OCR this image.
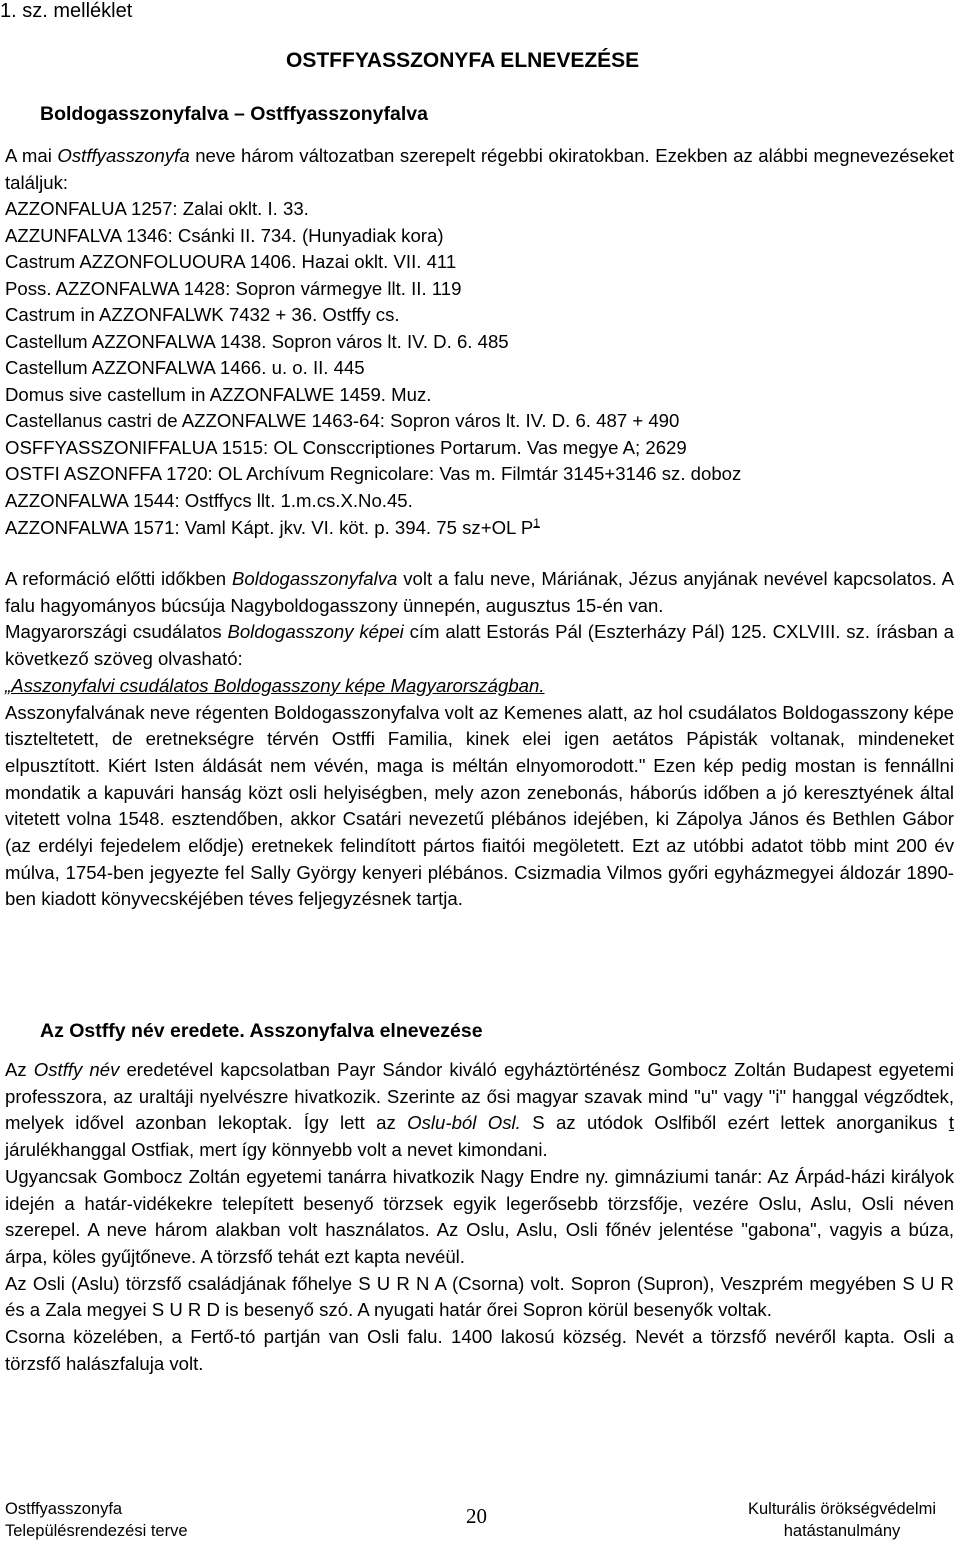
1. sz. melléklet
OSTFFYASSZONYFA ELNEVEZÉSE
Boldogasszonyfalva – Ostffyasszonyfalva

A mai Ostffyasszonyfa neve három változatban szerepelt régebbi okiratokban. Ezekben az alábbi megnevezéseket találjuk:

AZZONFALUA 1257: Zalai oklt. I. 33.
AZZUNFALVA 1346: Csánki II. 734. (Hunyadiak kora)
Castrum AZZONFOLUOURA 1406. Hazai oklt. VII. 411
Poss. AZZONFALWA 1428: Sopron vármegye llt. II. 119
Castrum in AZZONFALWK 7432 + 36. Ostffy cs.
Castellum AZZONFALWA 1438. Sopron város lt. IV. D. 6. 485
Castellum AZZONFALWA 1466. u. o. II. 445
Domus sive castellum in AZZONFALWE 1459. Muz.
Castellanus castri de AZZONFALWE 1463-64: Sopron város lt. IV. D. 6. 487 + 490
OSFFYASSZONIFFALUA 1515: OL Consccriptiones Portarum. Vas megye A; 2629
OSTFI ASZONFFA 1720: OL Archívum Regnicolare: Vas m. Filmtár 3145+3146 sz. doboz
AZZONFALWA 1544: Ostffycs llt. 1.m.cs.X.No.45.
AZZONFALWA 1571: Vaml Kápt. jkv. VI. köt. p. 394. 75 sz+OL $P^1$

A reformáció előtti időkben Boldogasszonyfalva volt a falu neve, Máriának, Jézus anyjának nevével kapcsolatos. A falu hagyományos búcsúja Nagyboldogasszony ünnepén, augusztus 15-én van.

Magyarországi csudálatos Boldogasszony képei cím alatt Estorás Pál (Eszterházy Pál) 125. CXLVIII. sz. írásban a következő szöveg olvasható:

„Asszonyfalvi csudálatos Boldogasszony képe Magyarországban.

Asszonyfalvának neve régenten Boldogasszonyfalva volt az Kemenes alatt, az hol csudálatos Boldogasszony képe tiszteltetett, de eretnekségre térvén Ostffi Familia, kinek elei igen aetátos Pápisták voltanak, mindeneket elpusztított. Kiért Isten áldását nem vévén, maga is méltán elnyomorodott." Ezen kép pedig mostan is fennállni mondatik a kapuvári hanság közt osli helyiségben, mely azon zenebonás, háborús időben a jó keresztyének által vitetett volna 1548. esztendőben, akkor Csatári nevezetű plébános idejében, ki Zápolya János és Bethlen Gábor (az erdélyi fejedelem elődje) eretnekek felindított pártos fiaitói megöletett. Ezt az utóbbi adatot több mint 200 év múlva, 1754-ben jegyezte fel Sally György kenyeri plébános. Csizmadia Vilmos győri egyházmegyei áldozár 1890-ben kiadott könyvecskéjében téves feljegyzésnek tartja.

Az Ostffy név eredete. Asszonyfalva elnevezése

Az Ostffy név eredetével kapcsolatban Payr Sándor kiváló egyháztörténész Gombocz Zoltán Budapest egyetemi professzora, az uraltáji nyelvészre hivatkozik. Szerinte az ősi magyar szavak mind "u" vagy "i" hanggal végződtek, melyek idővel azonban lekoptak. Így lett az Oslu-ból Osl. S az utódok Oslfiből ezért lettek anorganikus t járulékhanggal Ostfiak, mert így könnyebb volt a nevet kimondani.

Ugyancsak Gombocz Zoltán egyetemi tanárra hivatkozik Nagy Endre ny. gimnáziumi tanár: Az Árpád-házi királyok idején a határ-vidékekre telepített besenyő törzsek egyik legerősebb törzsfője, vezére Oslu, Aslu, Osli néven szerepel. A neve három alakban volt használatos. Az Oslu, Aslu, Osli főnév jelentése "gabona", vagyis a búza, árpa, köles gyűjtőneve. A törzsfő tehát ezt kapta nevéül.

Az Osli (Aslu) törzsfő családjának főhelye S U R N A (Csorna) volt. Sopron (Supron), Veszprém megyében S U R és a Zala megyei S U R D is besenyő szó. A nyugati határ őrei Sopron körül besenyők voltak.

Csorna közelében, a Fertő-tó partján van Osli falu. 1400 lakosú község. Nevét a törzsfő nevéről kapta. Osli a törzsfő halászfaluja volt.

Ostffyasszonyfa
Településrendezési terve
20	Kulturális örökségvédelmi
hatástanulmány
